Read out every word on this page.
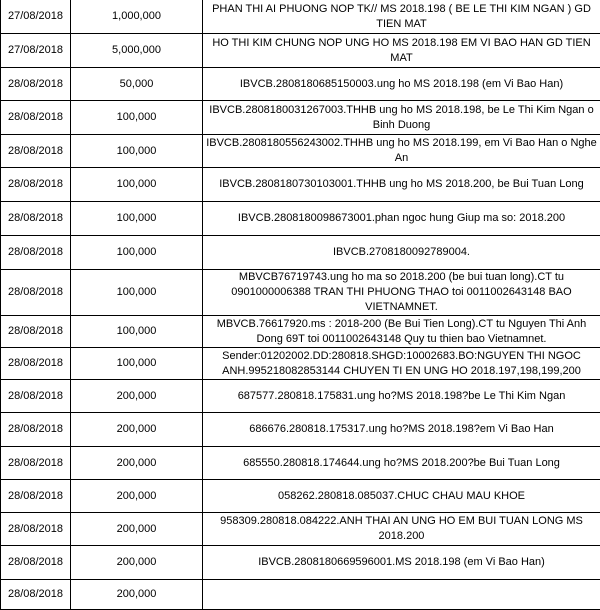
27/08/2018	1,000,000	PHAN THI AI PHUONG NOP TK// MS 2018.198 ( BE LE THI KIM NGAN ) GD TIEN MAT
27/08/2018	5,000,000	HO THI KIM CHUNG NOP UNG HO MS 2018.198 EM VI BAO HAN GD TIEN MAT
28/08/2018	50,000	IBVCB.2808180685150003.ung ho MS 2018.198 (em Vi Bao Han)
28/08/2018	100,000	IBVCB.2808180031267003.THHB ung ho MS 2018.198, be Le Thi Kim Ngan o Binh Duong
28/08/2018	100,000	IBVCB.2808180556243002.THHB ung ho MS 2018.199, em Vi Bao Han o Nghe An
28/08/2018	100,000	IBVCB.2808180730103001.THHB ung ho MS 2018.200, be Bui Tuan Long
28/08/2018	100,000	IBVCB.2808180098673001.phan ngoc hung Giup ma so: 2018.200
28/08/2018	100,000	IBVCB.2708180092789004.
28/08/2018	100,000	MBVCB76719743.ung ho ma so 2018.200 (be bui tuan long).CT tu 0901000006388 TRAN THI PHUONG THAO toi 0011002643148 BAO VIETNAMNET.
28/08/2018	100,000	MBVCB.76617920.ms : 2018-200 (Be Bui Tien Long).CT tu Nguyen Thi Anh Dong 69T toi 0011002643148 Quy tu thien bao Vietnamnet.
28/08/2018	100,000	Sender:01202002.DD:280818.SHGD:10002683.BO:NGUYEN THI NGOC ANH.995218082853144 CHUYEN TI EN UNG HO 2018.197,198,199,200
28/08/2018	200,000	687577.280818.175831.ung ho?MS 2018.198?be Le Thi Kim Ngan
28/08/2018	200,000	686676.280818.175317.ung ho?MS 2018.198?em Vi Bao Han
28/08/2018	200,000	685550.280818.174644.ung ho?MS 2018.200?be Bui Tuan Long
28/08/2018	200,000	058262.280818.085037.CHUC CHAU MAU KHOE
28/08/2018	200,000	958309.280818.084222.ANH THAI AN UNG HO EM BUI TUAN LONG MS 2018.200
28/08/2018	200,000	IBVCB.2808180669596001.MS 2018.198 (em Vi Bao Han)
28/08/2018	200,000	
